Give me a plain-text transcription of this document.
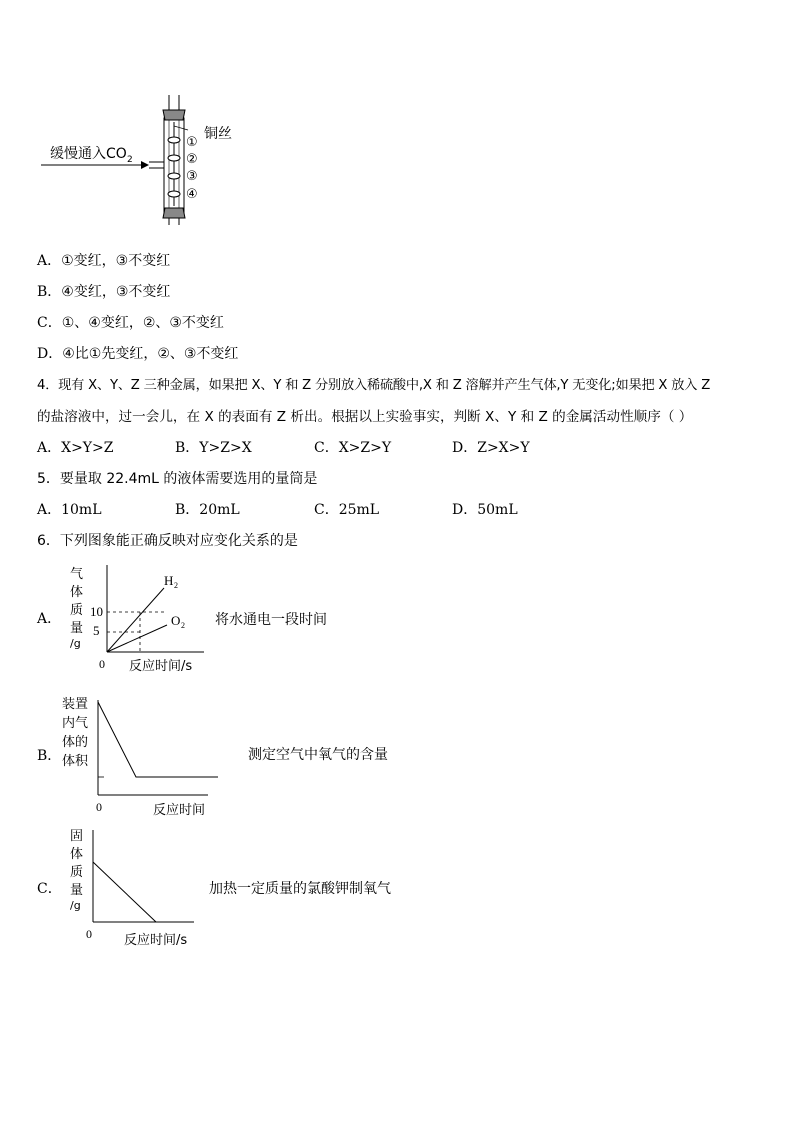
缓慢通入CO 2
铜丝
①
②
③
④
A．①变红，③不变红
B．④变红，③不变红
C．①、④变红，②、③不变红
D．④比①先变红，②、③不变红
4．现有 X、Y、Z 三种金属，如果把 X、Y 和 Z 分别放入稀硫酸中,X 和 Z 溶解并产生气体,Y 无变化;如果把 X 放入 Z
的盐溶液中，过一会儿，在 X 的表面有 Z 析出。根据以上实验事实，判断 X、Y 和 Z 的金属活动性顺序（ ）
A．X>Y>Z	B．Y>Z>X	C．X>Z>Y	D．Z>X>Y
5．要量取 22.4mL 的液体需要选用的量筒是
A．10mL	B．20mL	C．25mL	D．50mL
6．下列图象能正确反映对应变化关系的是
A．
气
体
质
量
/g
10
5
H 2
O 2
0 反应时间/s
将水通电一段时间
B．
装置
内气
体的
体积
0	反应时间
测定空气中氧气的含量
C．
固
体
质
量
/g
0 反应时间/s
加热一定质量的氯酸钾制氧气
